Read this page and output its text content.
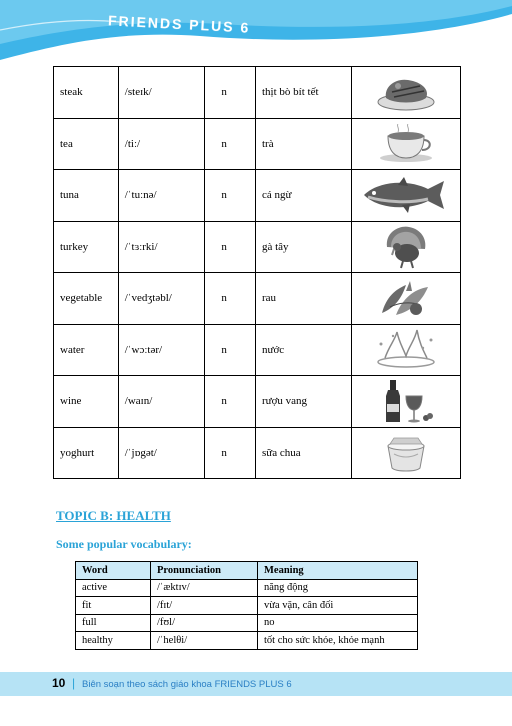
FRIENDS PLUS 6
steak	/steɪk/	n	thịt bò bít tết	

tea	/tiː/	n	trà	

tuna	/ˈtuːnə/	n	cá ngừ	

turkey	/ˈtɜːrki/	n	gà tây	

vegetable	/ˈvedʒtəbl/	n	rau	

water	/ˈwɔːtər/	n	nước	

wine	/waɪn/	n	rượu vang	

yoghurt	/ˈjɒgət/	n	sữa chua	
TOPIC B: HEALTH
Some popular vocabulary:
Word	Pronunciation	Meaning
active	/ˈæktɪv/	năng động
fit	/fɪt/	vừa vặn, cân đối
full	/fʊl/	no
healthy	/ˈhelθi/	tốt cho sức khỏe, khỏe mạnh
10 | Biên soạn theo sách giáo khoa FRIENDS PLUS 6
